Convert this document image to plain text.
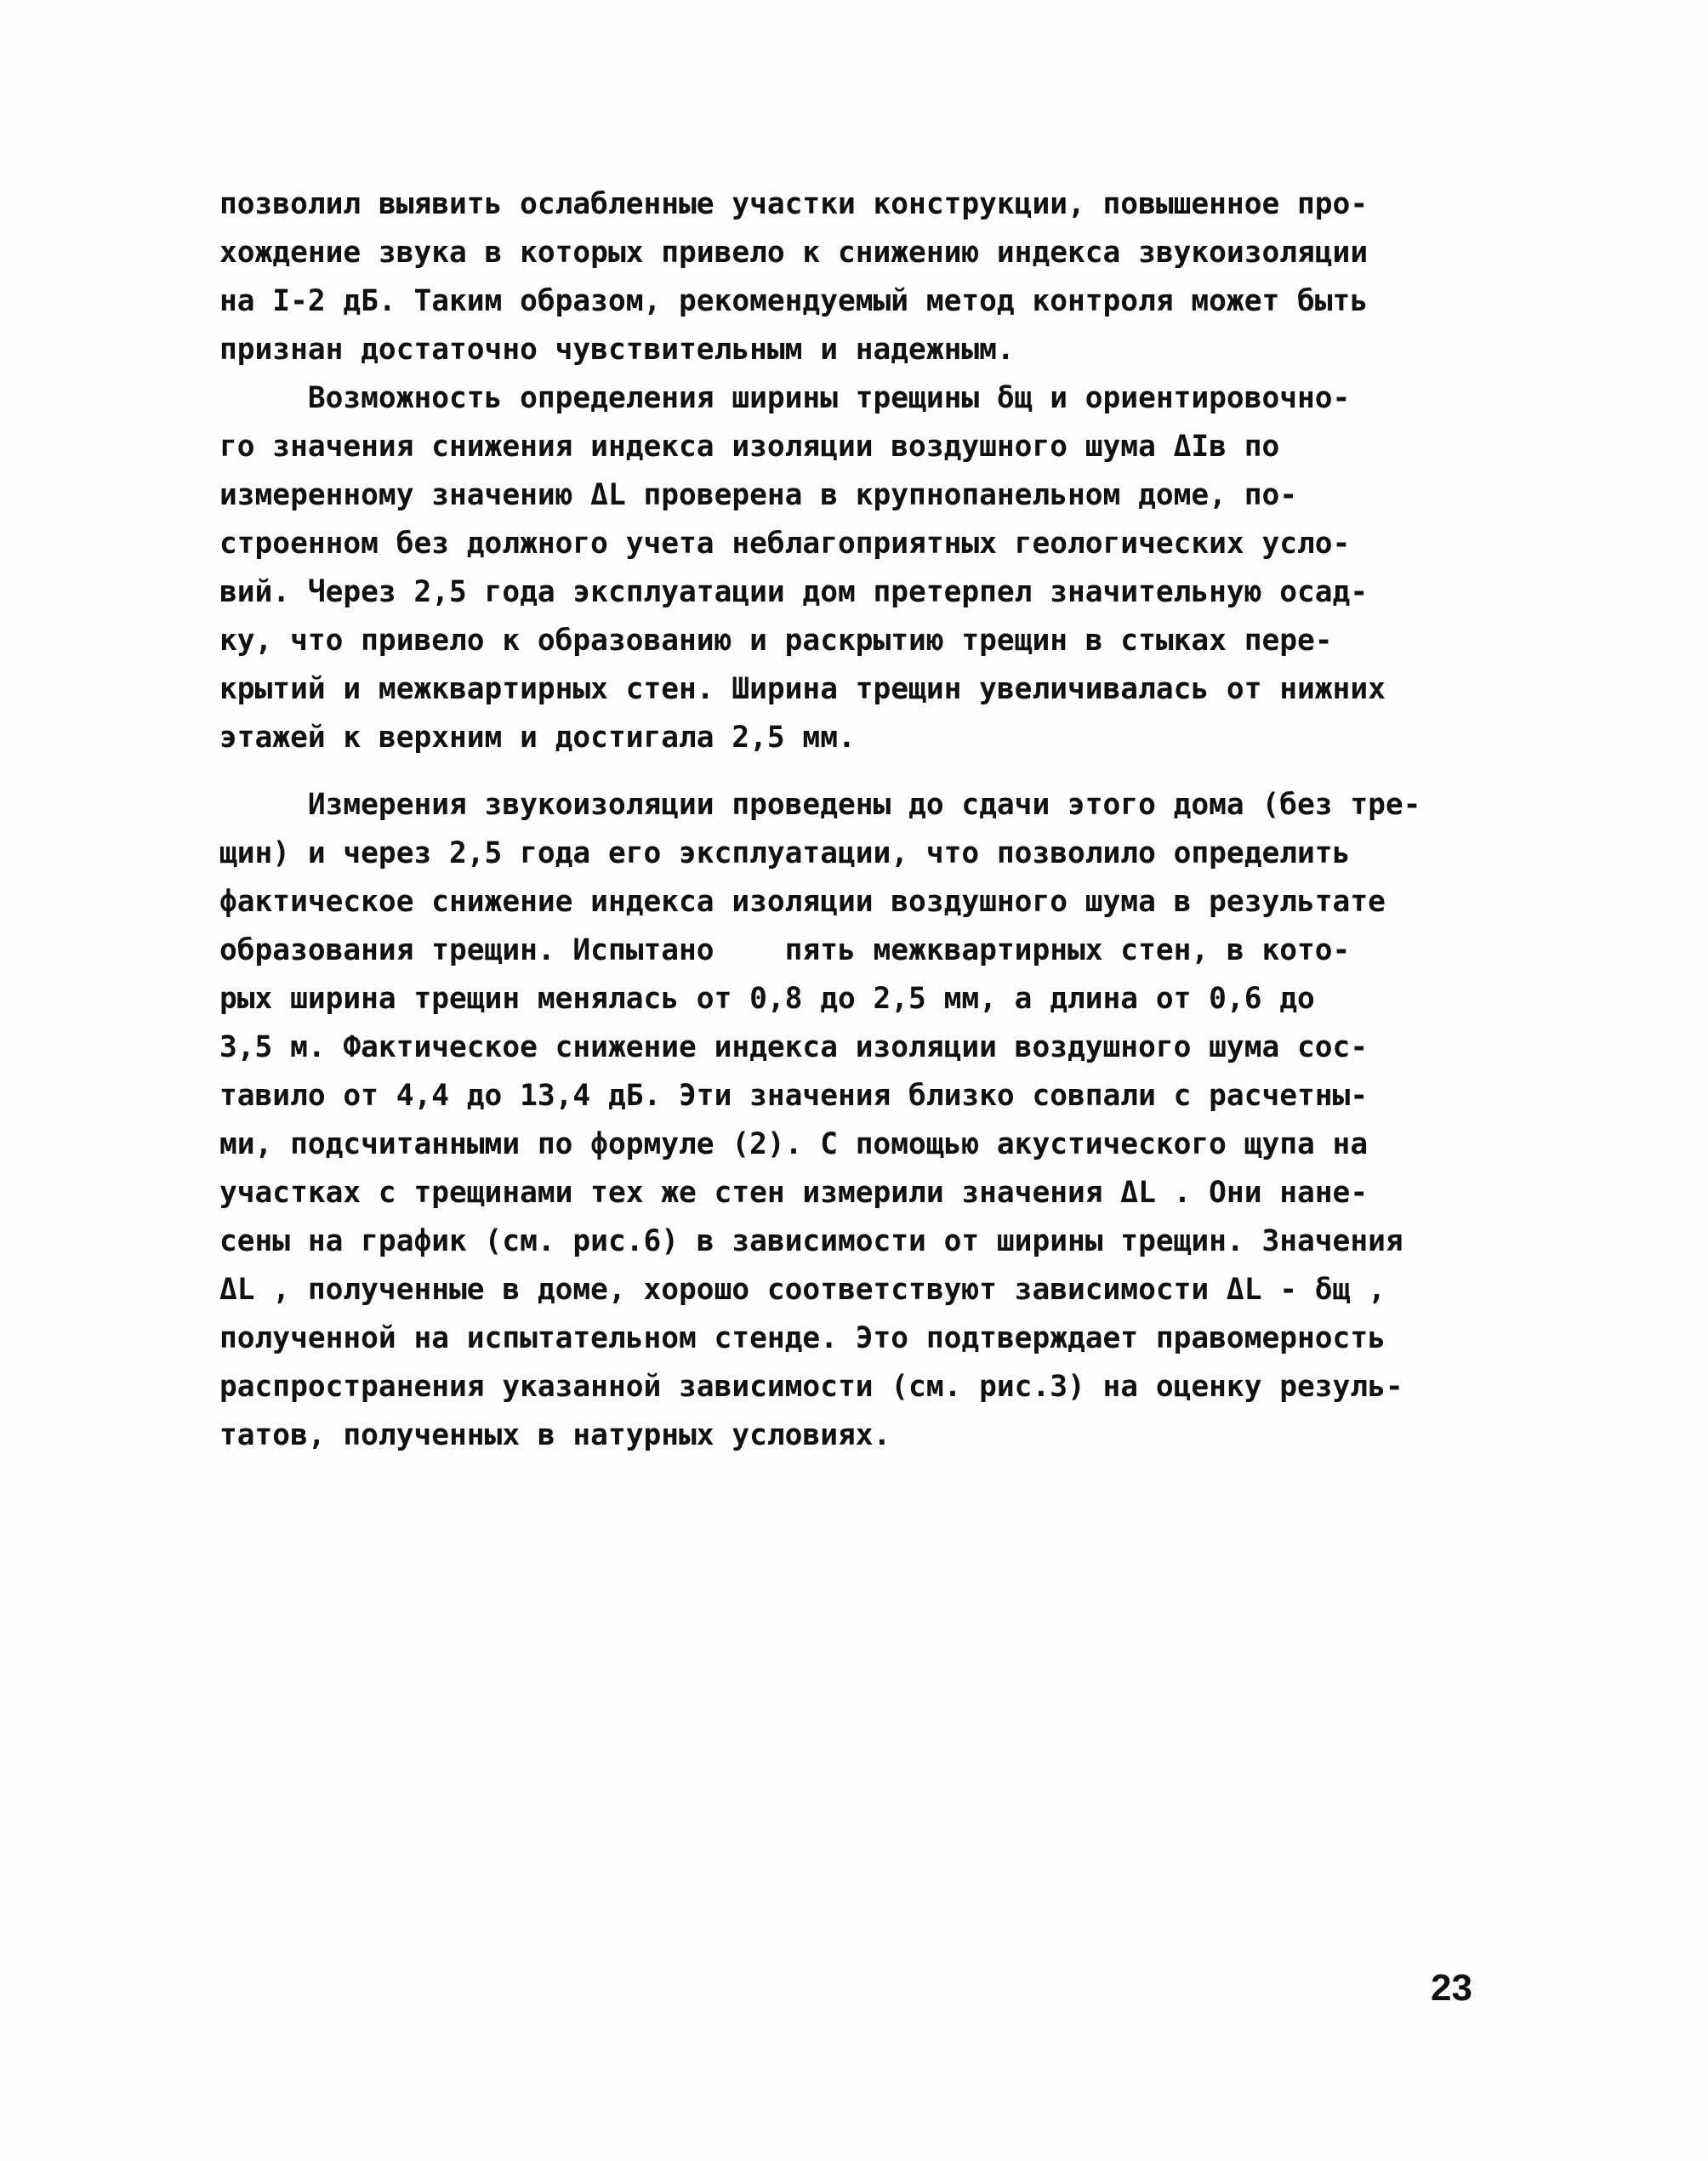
позволил выявить ослабленные участки конструкции, повышенное про-
хождение звука в которых привело к снижению индекса звукоизоляции
на I-2 дБ. Таким образом, рекомендуемый метод контроля может быть
признан достаточно чувствительным и надежным.
Возможность определения ширины трещины δщ и ориентировочно-
го значения снижения индекса изоляции воздушного шума ΔIв по
измеренному значению ΔL проверена в крупнопанельном доме, по-
строенном без должного учета неблагоприятных геологических усло-
вий. Через 2,5 года эксплуатации дом претерпел значительную осад-
ку, что привело к образованию и раскрытию трещин в стыках пере-
крытий и межквартирных стен. Ширина трещин увеличивалась от нижних
этажей к верхним и достигала 2,5 мм.
Измерения звукоизоляции проведены до сдачи этого дома (без тре-
щин) и через 2,5 года его эксплуатации, что позволило определить
фактическое снижение индекса изоляции воздушного шума в результате
образования трещин. Испытано    пять межквартирных стен, в кото-
рых ширина трещин менялась от 0,8 до 2,5 мм, а длина от 0,6 до
3,5 м. Фактическое снижение индекса изоляции воздушного шума сос-
тавило от 4,4 до 13,4 дБ. Эти значения близко совпали с расчетны-
ми, подсчитанными по формуле (2). С помощью акустического щупа на
участках с трещинами тех же стен измерили значения ΔL . Они нане-
сены на график (см. рис.6) в зависимости от ширины трещин. Значения
ΔL , полученные в доме, хорошо соответствуют зависимости ΔL - δщ ,
полученной на испытательном стенде. Это подтверждает правомерность
распространения указанной зависимости (см. рис.3) на оценку резуль-
татов, полученных в натурных условиях.
23
